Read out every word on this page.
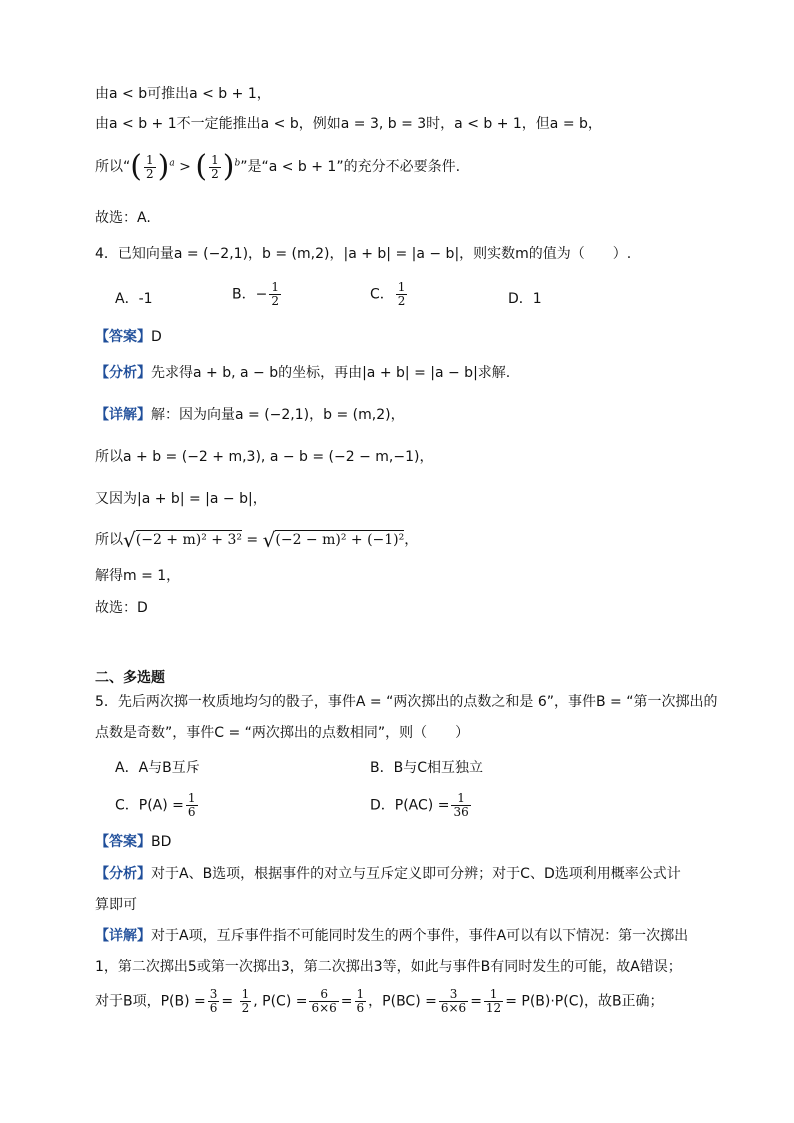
由a < b可推出a < b + 1，
由a < b + 1不一定能推出a < b，例如a = 3, b = 3时，a < b + 1，但a = b，
所以“( $\frac{1}{2} )^a$ > ( $\frac{1}{2} )^b$”是“a < b + 1”的充分不必要条件.
故选：A.
4．已知向量a = (−2,1)，b = (m,2)，|a + b| = |a − b|，则实数m的值为（　　）.
A．-1	B．− $\frac{1}{2}$	C． $\frac{1}{2}$	D．1
【答案】D
【分析】先求得a + b, a − b的坐标，再由|a + b| = |a − b|求解.
【详解】解：因为向量a = (−2,1)，b = (m,2)，
所以a + b = (−2 + m,3), a − b = (−2 − m,−1)，
又因为|a + b| = |a − b|，
所以√(−2 + m)² + 3² = √(−2 − m)² + (−1)²，
解得m = 1，
故选：D
二、多选题
5．先后两次掷一枚质地均匀的骰子，事件A = “两次掷出的点数之和是 6”，事件B = “第一次掷出的
点数是奇数”，事件C = “两次掷出的点数相同”，则（　　）
A．A与B互斥	B．B与C相互独立
C．$P(A) = \frac{1}{6}$	D．$P(AC) = \frac{1}{36}$
【答案】BD
【分析】对于A、B选项，根据事件的对立与互斥定义即可分辨；对于C、D选项利用概率公式计
算即可
【详解】对于A项，互斥事件指不可能同时发生的两个事件，事件A可以有以下情况：第一次掷出
1，第二次掷出5或第一次掷出3，第二次掷出3等，如此与事件B有同时发生的可能，故A错误；
对于B项，$P(B) = \frac{3}{6} = \frac{1}{2}$ , $P(C) = \frac{6}{6\times 6} = \frac{1}{6}$ ，$P(BC) = \frac{3}{6\times 6} = \frac{1}{12} = P(B)\cdot P(C)$，故B正确；
